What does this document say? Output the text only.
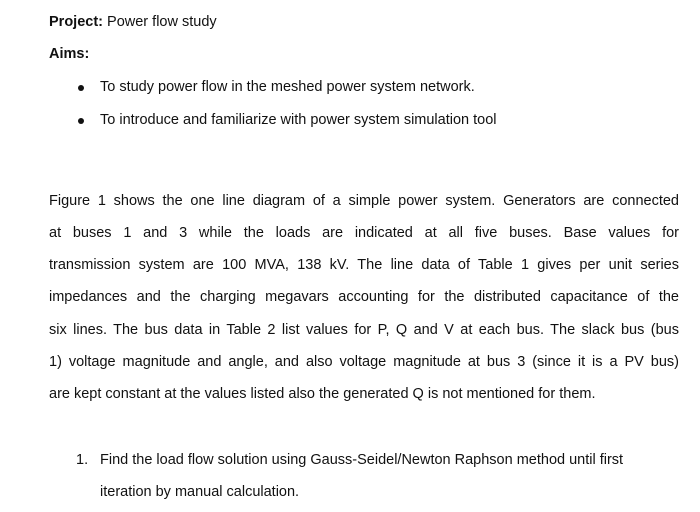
Project: Power flow study
Aims:
To study power flow in the meshed power system network.
To introduce and familiarize with power system simulation tool
Figure 1 shows the one line diagram of a simple power system. Generators are connected
at buses 1 and 3 while the loads are indicated at all five buses. Base values for
transmission system are 100 MVA, 138 kV. The line data of Table 1 gives per unit series
impedances and the charging megavars accounting for the distributed capacitance of the
six lines. The bus data in Table 2 list values for P, Q and V at each bus. The slack bus (bus
1) voltage magnitude and angle, and also voltage magnitude at bus 3 (since it is a PV bus)
are kept constant at the values listed also the generated Q is not mentioned for them.
1. Find the load flow solution using Gauss-Seidel/Newton Raphson method until first
iteration by manual calculation.
